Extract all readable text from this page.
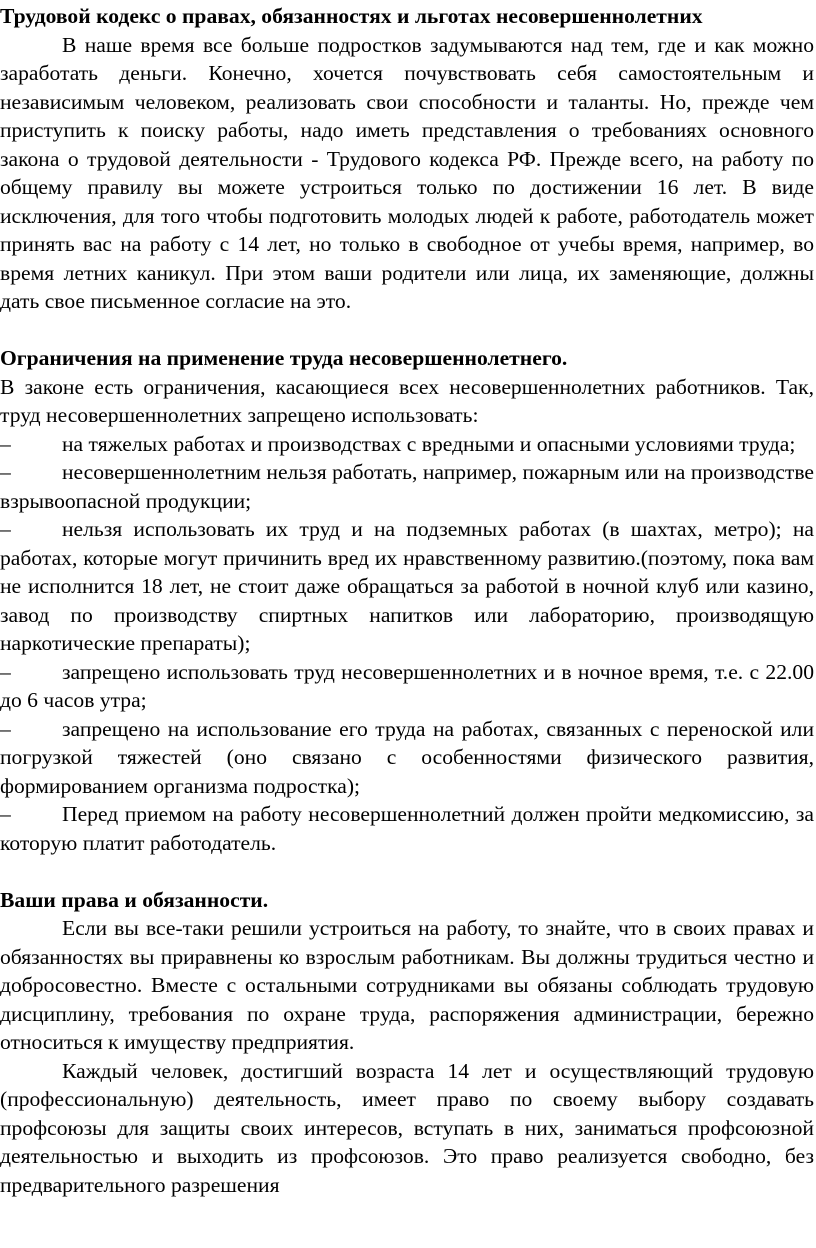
Трудовой кодекс о правах, обязанностях и льготах несовершеннолетних

В наше время все больше подростков задумываются над тем, где и как можно заработать деньги. Конечно, хочется почувствовать себя самостоятельным и независимым человеком, реализовать свои способности и таланты. Но, прежде чем приступить к поиску работы, надо иметь представления о требованиях основного закона о трудовой деятельности - Трудового кодекса РФ. Прежде всего, на работу по общему правилу вы можете устроиться только по достижении 16 лет. В виде исключения, для того чтобы подготовить молодых людей к работе, работодатель может принять вас на работу с 14 лет, но только в свободное от учебы время, например, во время летних каникул. При этом ваши родители или лица, их заменяющие, должны дать свое письменное согласие на это.

Ограничения на применение труда несовершеннолетнего.

В законе есть ограничения, касающиеся всех несовершеннолетних работников. Так, труд несовершеннолетних запрещено использовать:

– на тяжелых работах и производствах с вредными и опасными условиями труда;

– несовершеннолетним нельзя работать, например, пожарным или на производстве взрывоопасной продукции;

– нельзя использовать их труд и на подземных работах (в шахтах, метро); на работах, которые могут причинить вред их нравственному развитию.(поэтому, пока вам не исполнится 18 лет, не стоит даже обращаться за работой в ночной клуб или казино, завод по производству спиртных напитков или лабораторию, производящую наркотические препараты);

– запрещено использовать труд несовершеннолетних и в ночное время, т.е. с 22.00 до 6 часов утра;

– запрещено на использование его труда на работах, связанных с переноской или погрузкой тяжестей (оно связано с особенностями физического развития, формированием организма подростка);

– Перед приемом на работу несовершеннолетний должен пройти медкомиссию, за которую платит работодатель.

Ваши права и обязанности.

Если вы все-таки решили устроиться на работу, то знайте, что в своих правах и обязанностях вы приравнены ко взрослым работникам. Вы должны трудиться честно и добросовестно. Вместе с остальными сотрудниками вы обязаны соблюдать трудовую дисциплину, требования по охране труда, распоряжения администрации, бережно относиться к имуществу предприятия.

Каждый человек, достигший возраста 14 лет и осуществляющий трудовую (профессиональную) деятельность, имеет право по своему выбору создавать профсоюзы для защиты своих интересов, вступать в них, заниматься профсоюзной деятельностью и выходить из профсоюзов. Это право реализуется свободно, без предварительного разрешения
